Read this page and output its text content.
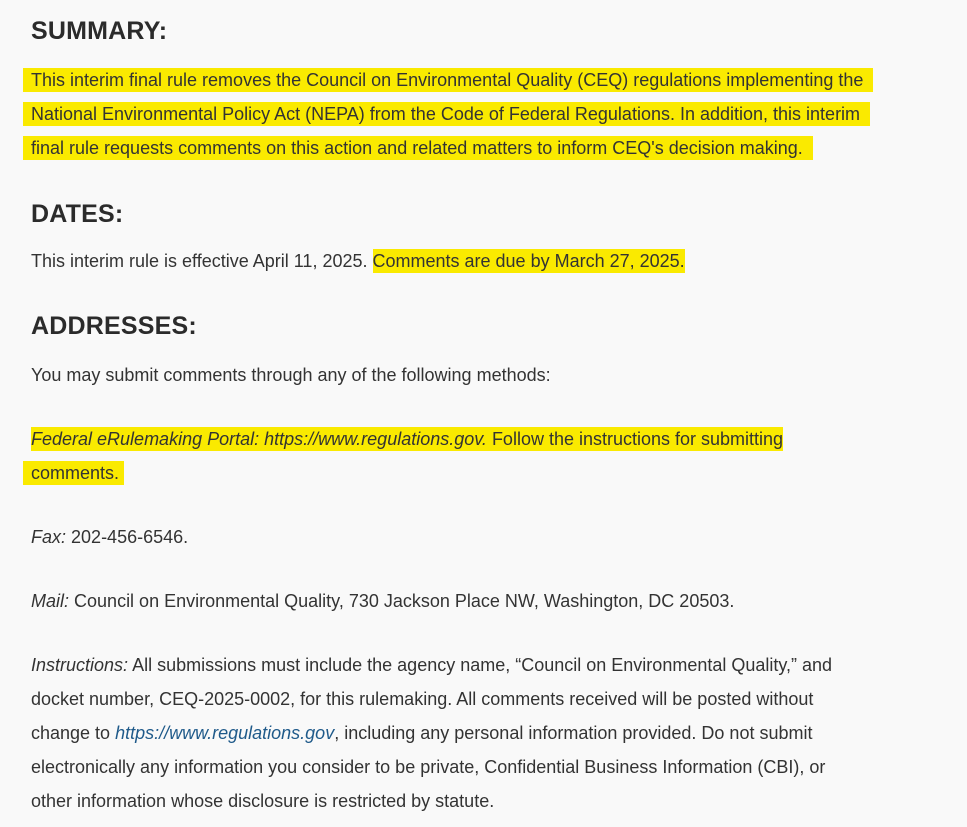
SUMMARY:

This interim final rule removes the Council on Environmental Quality (CEQ) regulations implementing the

National Environmental Policy Act (NEPA) from the Code of Federal Regulations. In addition, this interim

final rule requests comments on this action and related matters to inform CEQ's decision making.

DATES:

This interim rule is effective April 11, 2025. Comments are due by March 27, 2025.

ADDRESSES:

You may submit comments through any of the following methods:

Federal eRulemaking Portal: https://www.regulations.gov. Follow the instructions for submitting

comments.

Fax: 202-456-6546.

Mail: Council on Environmental Quality, 730 Jackson Place NW, Washington, DC 20503.

Instructions: All submissions must include the agency name, “Council on Environmental Quality,” and

docket number, CEQ-2025-0002, for this rulemaking. All comments received will be posted without

change to https://www.regulations.gov, including any personal information provided. Do not submit

electronically any information you consider to be private, Confidential Business Information (CBI), or

other information whose disclosure is restricted by statute.
